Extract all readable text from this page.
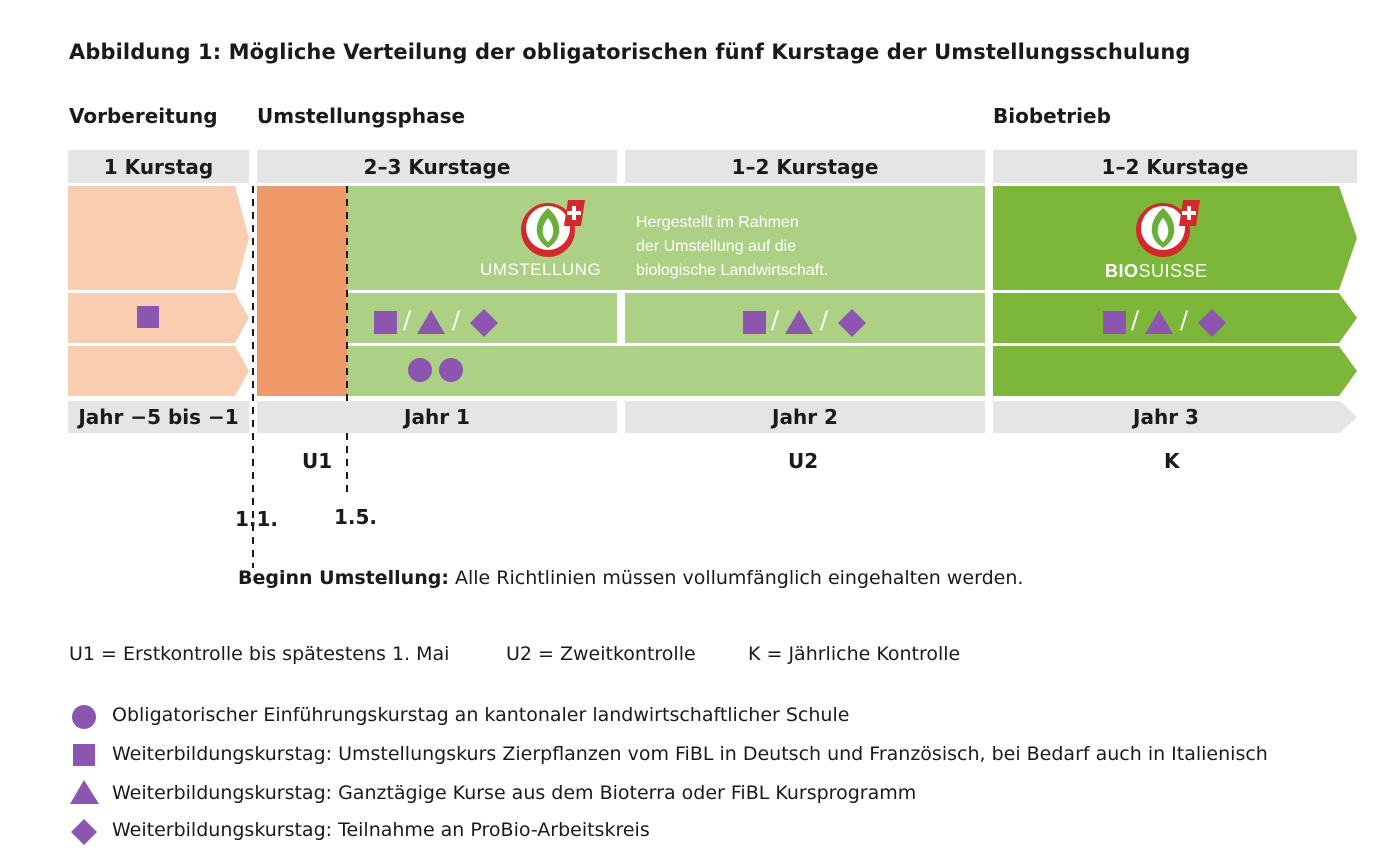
Abbildung 1: Mögliche Verteilung der obligatorischen fünf Kurstage der Umstellungsschulung
Vorbereitung Umstellungsphase	Biobetrieb
1 Kurstag	2–3 Kurstage	1–2 Kurstage	1–2 Kurstage
/ /	/ /	/ /
UMSTELLUNG
Hergestellt im Rahmen
der Umstellung auf die
biologische Landwirtschaft.	BIOSUISSE
Jahr −5 bis −1	Jahr 1	Jahr 2	Jahr 3
U1	U2	K
1.1.	1.5.
Beginn Umstellung: Alle Richtlinien müssen vollumfänglich eingehalten werden.
U1 = Erstkontrolle bis spätestens 1. Mai	U2 = Zweitkontrolle	K = Jährliche Kontrolle
Obligatorischer Einführungskurstag an kantonaler landwirtschaftlicher Schule
Weiterbildungskurstag: Umstellungskurs Zierpflanzen vom FiBL in Deutsch und Französisch, bei Bedarf auch in Italienisch
Weiterbildungskurstag: Ganztägige Kurse aus dem Bioterra oder FiBL Kursprogramm
Weiterbildungskurstag: Teilnahme an ProBio-Arbeitskreis
